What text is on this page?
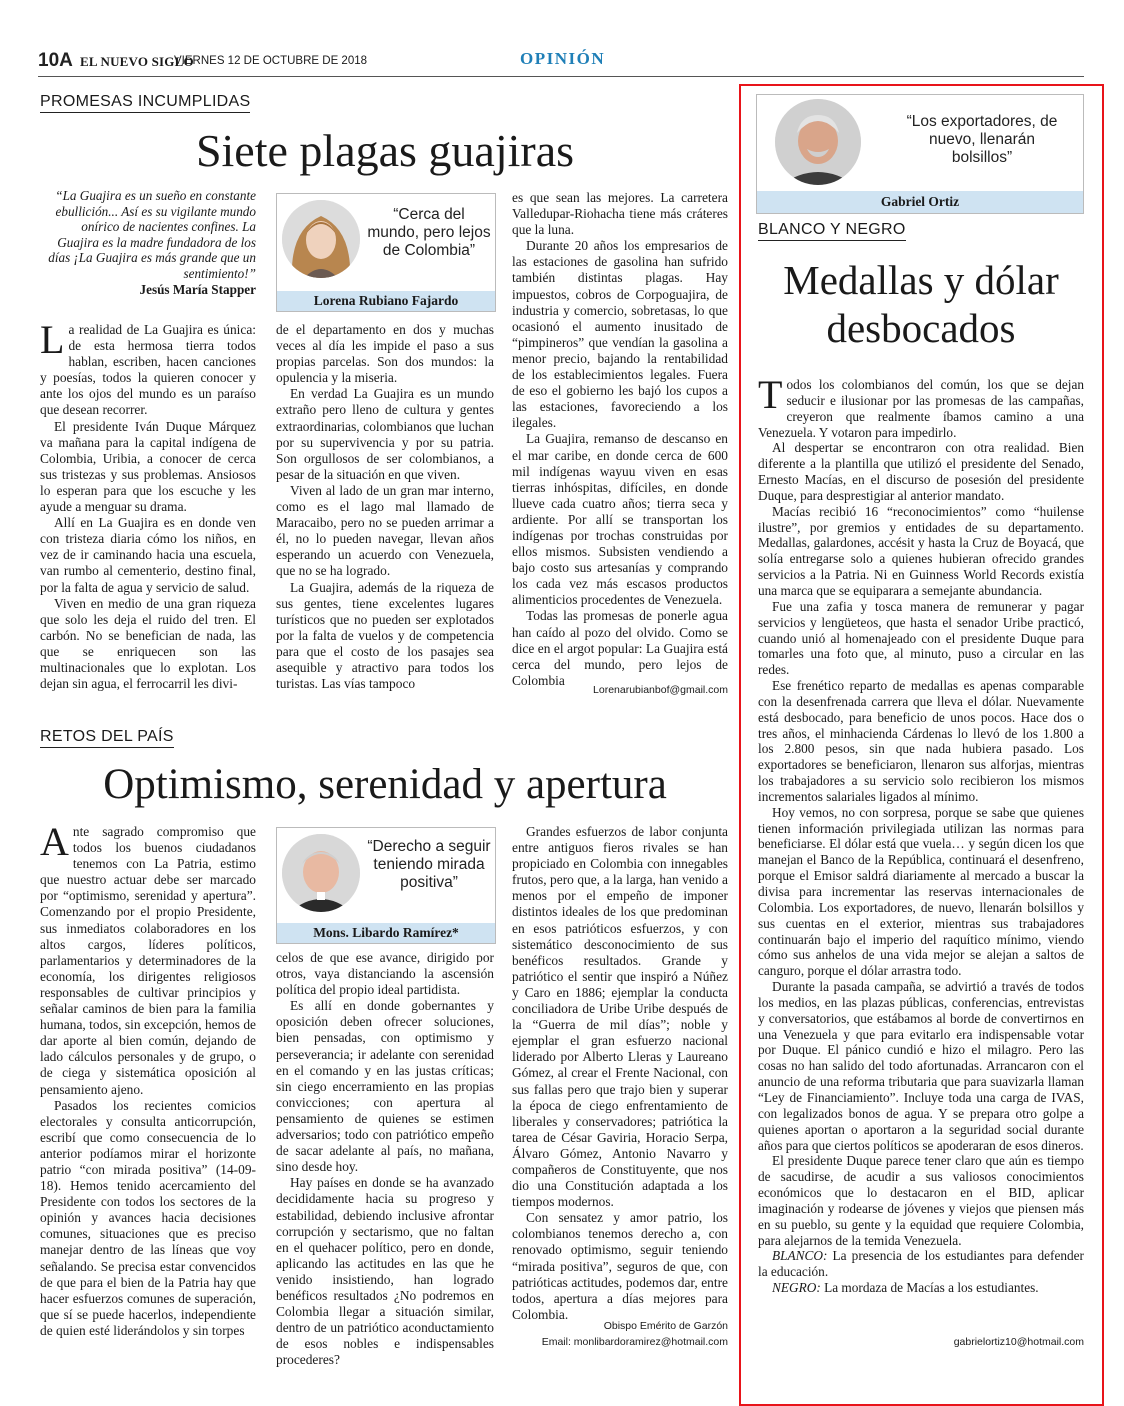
10A EL NUEVO SIGLO
VIERNES 12 DE OCTUBRE DE 2018	OPINIÓN
PROMESAS INCUMPLIDAS
Siete plagas guajiras
“La Guajira es un sueño en constante ebullición... Así es su vigilante mundo onírico de nacientes confines. La Guajira es la madre fundadora de los días ¡La Guajira es más grande que un sentimiento!”
Jesús María Stapper
“Cerca del mundo, pero lejos de Colombia”
Lorena Rubiano Fajardo

La realidad de La Guajira es única: de esta hermosa tierra todos hablan, escriben, hacen canciones y poesías, todos la quieren conocer y ante los ojos del mundo es un paraíso que desean recorrer.

El presidente Iván Duque Márquez va mañana para la capital indígena de Colombia, Uribia, a conocer de cerca sus tristezas y sus problemas. Ansiosos lo esperan para que los escuche y les ayude a menguar su drama.

Allí en La Guajira es en donde ven con tristeza diaria cómo los niños, en vez de ir caminando hacia una escuela, van rumbo al cementerio, destino final, por la falta de agua y servicio de salud.

Viven en medio de una gran riqueza que solo les deja el ruido del tren. El carbón. No se benefician de nada, las que se enriquecen son las multinacionales que lo explotan. Los dejan sin agua, el ferrocarril les divi-

de el departamento en dos y muchas veces al día les impide el paso a sus propias parcelas. Son dos mundos: la opulencia y la miseria.

En verdad La Guajira es un mundo extraño pero lleno de cultura y gentes extraordinarias, colombianos que luchan por su supervivencia y por su patria. Son orgullosos de ser colombianos, a pesar de la situación en que viven.

Viven al lado de un gran mar interno, como es el lago mal llamado de Maracaibo, pero no se pueden arrimar a él, no lo pueden navegar, llevan años esperando un acuerdo con Venezuela, que no se ha logrado.

La Guajira, además de la riqueza de sus gentes, tiene excelentes lugares turísticos que no pueden ser explotados por la falta de vuelos y de competencia para que el costo de los pasajes sea asequible y atractivo para todos los turistas. Las vías tampoco

es que sean las mejores. La carretera Valledupar-Riohacha tiene más cráteres que la luna.

Durante 20 años los empresarios de las estaciones de gasolina han sufrido también distintas plagas. Hay impuestos, cobros de Corpoguajira, de industria y comercio, sobretasas, lo que ocasionó el aumento inusitado de “pimpineros” que vendían la gasolina a menor precio, bajando la rentabilidad de los establecimientos legales. Fuera de eso el gobierno les bajó los cupos a las estaciones, favoreciendo a los ilegales.

La Guajira, remanso de descanso en el mar caribe, en donde cerca de 600 mil indígenas wayuu viven en esas tierras inhóspitas, difíciles, en donde llueve cada cuatro años; tierra seca y ardiente. Por allí se transportan los indígenas por trochas construidas por ellos mismos. Subsisten vendiendo a bajo costo sus artesanías y comprando los cada vez más escasos productos alimenticios procedentes de Venezuela.

Todas las promesas de ponerle agua han caído al pozo del olvido. Como se dice en el argot popular: La Guajira está cerca del mundo, pero lejos de Colombia

Lorenarubianbof@gmail.com
RETOS DEL PAÍS
Optimismo, serenidad y apertura
“Derecho a seguir teniendo mirada positiva”
Mons. Libardo Ramírez*

Ante sagrado compromiso que todos los buenos ciudadanos tenemos con La Patria, estimo que nuestro actuar debe ser marcado por “optimismo, serenidad y apertura”. Comenzando por el propio Presidente, sus inmediatos colaboradores en los altos cargos, líderes políticos, parlamentarios y determinadores de la economía, los dirigentes religiosos responsables de cultivar principios y señalar caminos de bien para la familia humana, todos, sin excepción, hemos de dar aporte al bien común, dejando de lado cálculos personales y de grupo, o de ciega y sistemática oposición al pensamiento ajeno.

Pasados los recientes comicios electorales y consulta anticorrupción, escribí que como consecuencia de lo anterior podíamos mirar el horizonte patrio “con mirada positiva” (14-09-18). Hemos tenido acercamiento del Presidente con todos los sectores de la opinión y avances hacia decisiones comunes, situaciones que es preciso manejar dentro de las líneas que voy señalando. Se precisa estar convencidos de que para el bien de la Patria hay que hacer esfuerzos comunes de superación, que sí se puede hacerlos, independiente de quien esté liderándolos y sin torpes

celos de que ese avance, dirigido por otros, vaya distanciando la ascensión política del propio ideal partidista.

Es allí en donde gobernantes y oposición deben ofrecer soluciones, bien pensadas, con optimismo y perseverancia; ir adelante con serenidad en el comando y en las justas críticas; sin ciego encerramiento en las propias convicciones; con apertura al pensamiento de quienes se estimen adversarios; todo con patriótico empeño de sacar adelante al país, no mañana, sino desde hoy.

Hay países en donde se ha avanzado decididamente hacia su progreso y estabilidad, debiendo inclusive afrontar corrupción y sectarismo, que no faltan en el quehacer político, pero en donde, aplicando las actitudes en las que he venido insistiendo, han logrado benéficos resultados ¿No podremos en Colombia llegar a situación similar, dentro de un patriótico aconductamiento de esos nobles e indispensables procederes?

Grandes esfuerzos de labor conjunta entre antiguos fieros rivales se han propiciado en Colombia con innegables frutos, pero que, a la larga, han venido a menos por el empeño de imponer distintos ideales de los que predominan en esos patrióticos esfuerzos, y con sistemático desconocimiento de sus benéficos resultados. Grande y patriótico el sentir que inspiró a Núñez y Caro en 1886; ejemplar la conducta conciliadora de Uribe Uribe después de la “Guerra de mil días”; noble y ejemplar el gran esfuerzo nacional liderado por Alberto Lleras y Laureano Gómez, al crear el Frente Nacional, con sus fallas pero que trajo bien y superar la época de ciego enfrentamiento de liberales y conservadores; patriótica la tarea de César Gaviria, Horacio Serpa, Álvaro Gómez, Antonio Navarro y compañeros de Constituyente, que nos dio una Constitución adaptada a los tiempos modernos.

Con sensatez y amor patrio, los colombianos tenemos derecho a, con renovado optimismo, seguir teniendo “mirada positiva”, seguros de que, con patrióticas actitudes, podemos dar, entre todos, apertura a días mejores para Colombia.

Obispo Emérito de Garzón
Email: monlibardoramirez@hotmail.com
“Los exportadores, de nuevo, llenarán bolsillos”
Gabriel Ortiz
BLANCO Y NEGRO
Medallas y dólar
desbocados

Todos los colombianos del común, los que se dejan seducir e ilusionar por las promesas de las campañas, creyeron que realmente íbamos camino a una Venezuela. Y votaron para impedirlo.

Al despertar se encontraron con otra realidad. Bien diferente a la plantilla que utilizó el presidente del Senado, Ernesto Macías, en el discurso de posesión del presidente Duque, para desprestigiar al anterior mandato.

Macías recibió 16 “reconocimientos” como “huilense ilustre”, por gremios y entidades de su departamento. Medallas, galardones, accésit y hasta la Cruz de Boyacá, que solía entregarse solo a quienes hubieran ofrecido grandes servicios a la Patria. Ni en Guinness World Records existía una marca que se equiparara a semejante abundancia.

Fue una zafia y tosca manera de remunerar y pagar servicios y lengüeteos, que hasta el senador Uribe practicó, cuando unió al homenajeado con el presidente Duque para tomarles una foto que, al minuto, puso a circular en las redes.

Ese frenético reparto de medallas es apenas comparable con la desenfrenada carrera que lleva el dólar. Nuevamente está desbocado, para beneficio de unos pocos. Hace dos o tres años, el minhacienda Cárdenas lo llevó de los 1.800 a los 2.800 pesos, sin que nada hubiera pasado. Los exportadores se beneficiaron, llenaron sus alforjas, mientras los trabajadores a su servicio solo recibieron los mismos incrementos salariales ligados al mínimo.

Hoy vemos, no con sorpresa, porque se sabe que quienes tienen información privilegiada utilizan las normas para beneficiarse. El dólar está que vuela… y según dicen los que manejan el Banco de la República, continuará el desenfreno, porque el Emisor saldrá diariamente al mercado a buscar la divisa para incrementar las reservas internacionales de Colombia. Los exportadores, de nuevo, llenarán bolsillos y sus cuentas en el exterior, mientras sus trabajadores continuarán bajo el imperio del raquítico mínimo, viendo cómo sus anhelos de una vida mejor se alejan a saltos de canguro, porque el dólar arrastra todo.

Durante la pasada campaña, se advirtió a través de todos los medios, en las plazas públicas, conferencias, entrevistas y conversatorios, que estábamos al borde de convertirnos en una Venezuela y que para evitarlo era indispensable votar por Duque. El pánico cundió e hizo el milagro. Pero las cosas no han salido del todo afortunadas. Arrancaron con el anuncio de una reforma tributaria que para suavizarla llaman “Ley de Financiamiento”. Incluye toda una carga de IVAS, con legalizados bonos de agua. Y se prepara otro golpe a quienes aportan o aportaron a la seguridad social durante años para que ciertos políticos se apoderaran de esos dineros.

El presidente Duque parece tener claro que aún es tiempo de sacudirse, de acudir a sus valiosos conocimientos económicos que lo destacaron en el BID, aplicar imaginación y rodearse de jóvenes y viejos que piensen más en su pueblo, su gente y la equidad que requiere Colombia, para alejarnos de la temida Venezuela.

BLANCO: La presencia de los estudiantes para defender la educación.

NEGRO: La mordaza de Macías a los estudiantes.

gabrielortiz10@hotmail.com
